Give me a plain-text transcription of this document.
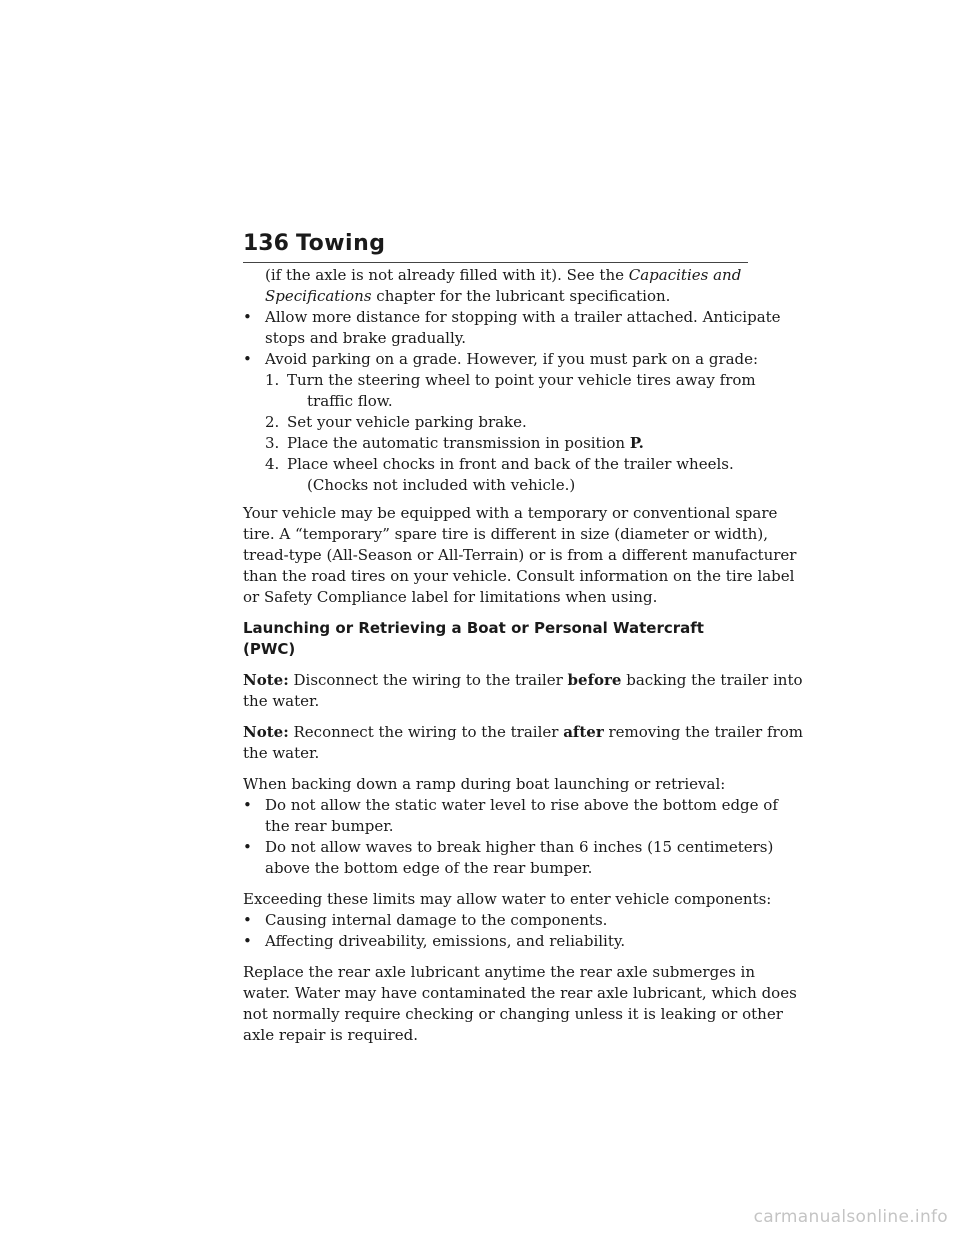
136 Towing
(if the axle is not already filled with it). See the Capacities and
Specifications chapter for the lubricant specification.
• Allow more distance for stopping with a trailer attached. Anticipate
stops and brake gradually.
• Avoid parking on a grade. However, if you must park on a grade:
1. Turn the steering wheel to point your vehicle tires away from
traffic flow.
2. Set your vehicle parking brake.
3. Place the automatic transmission in position P.
4. Place wheel chocks in front and back of the trailer wheels.
(Chocks not included with vehicle.)

Your vehicle may be equipped with a temporary or conventional spare
tire. A “temporary” spare tire is different in size (diameter or width),
tread-type (All-Season or All-Terrain) or is from a different manufacturer
than the road tires on your vehicle. Consult information on the tire label
or Safety Compliance label for limitations when using.

Launching or Retrieving a Boat or Personal Watercraft (PWC)

Note: Disconnect the wiring to the trailer before backing the trailer into
the water.

Note: Reconnect the wiring to the trailer after removing the trailer from
the water.

When backing down a ramp during boat launching or retrieval:

• Do not allow the static water level to rise above the bottom edge of
the rear bumper.
• Do not allow waves to break higher than 6 inches (15 centimeters)
above the bottom edge of the rear bumper.

Exceeding these limits may allow water to enter vehicle components:

• Causing internal damage to the components.
• Affecting driveability, emissions, and reliability.

Replace the rear axle lubricant anytime the rear axle submerges in
water. Water may have contaminated the rear axle lubricant, which does
not normally require checking or changing unless it is leaking or other
axle repair is required.

carmanualsonline.info
